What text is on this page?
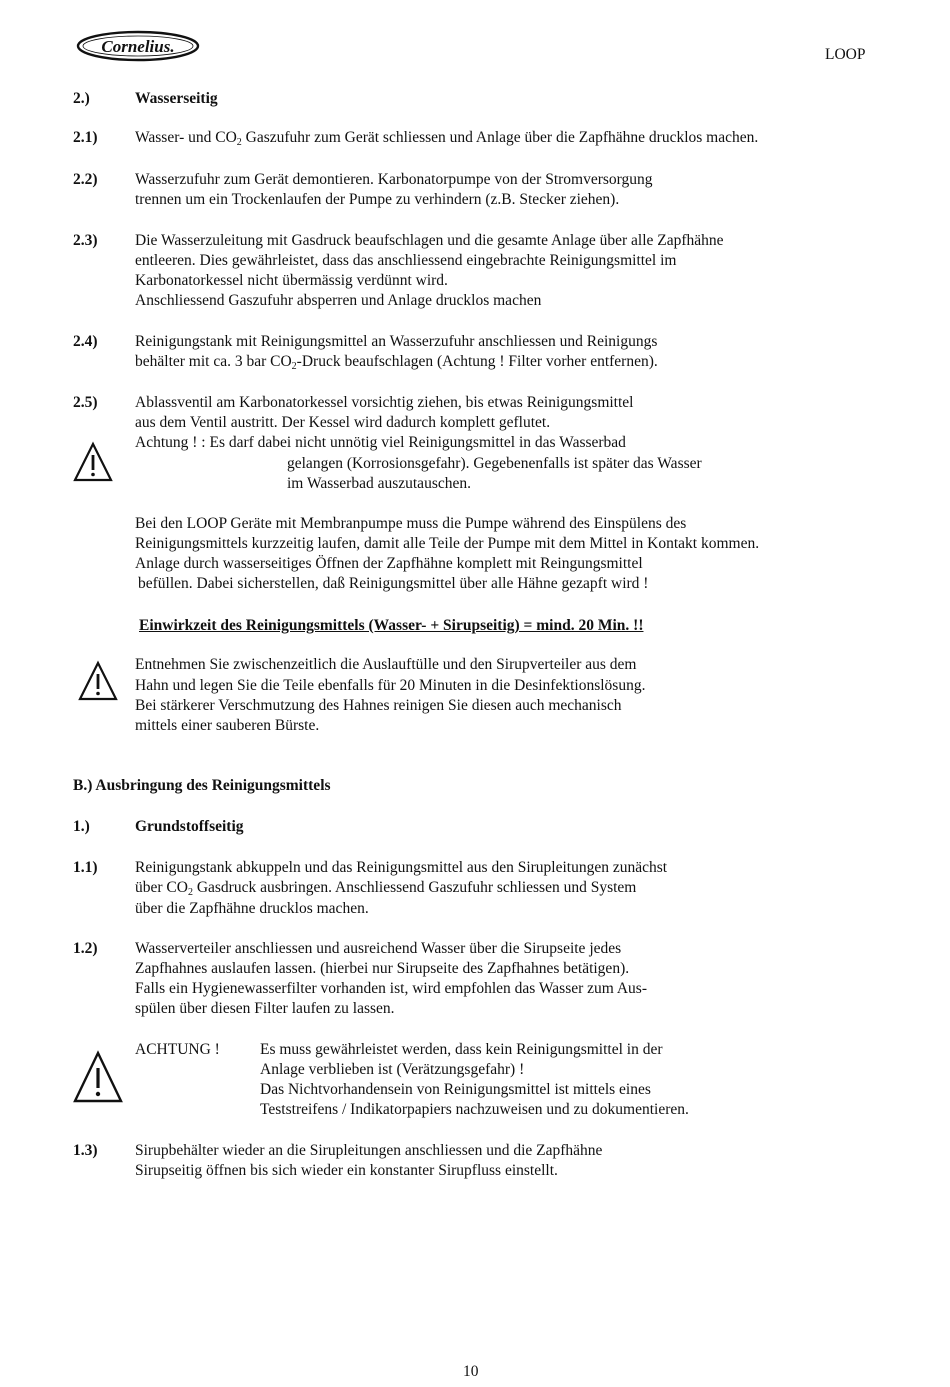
Cornelius.	LOOP
2.)	Wasserseitig
2.1) Wasser- und $CO_2$ Gaszufuhr zum Gerät schliessen und Anlage über die Zapfhähne drucklos machen.
2.2) Wasserzufuhr zum Gerät demontieren. Karbonatorpumpe von der Stromversorgung
trennen um ein Trockenlaufen der Pumpe zu verhindern (z.B. Stecker ziehen).
2.3) Die Wasserzuleitung mit Gasdruck beaufschlagen und die gesamte Anlage über alle Zapfhähne
entleeren. Dies gewährleistet, dass das anschliessend eingebrachte Reinigungsmittel im
Karbonatorkessel nicht übermässig verdünnt wird.
Anschliessend Gaszufuhr absperren und Anlage drucklos machen
2.4) Reinigungstank mit Reinigungsmittel an Wasserzufuhr anschliessen und Reinigungs
behälter mit ca. 3 bar $CO_2$-Druck beaufschlagen (Achtung ! Filter vorher entfernen).
2.5) Ablassventil am Karbonatorkessel vorsichtig ziehen, bis etwas Reinigungsmittel
aus dem Ventil austritt. Der Kessel wird dadurch komplett geflutet.
Achtung ! : Es darf dabei nicht unnötig viel Reinigungsmittel in das Wasserbad
gelangen (Korrosionsgefahr). Gegebenenfalls ist später das Wasser
im Wasserbad auszutauschen.
Bei den LOOP Geräte mit Membranpumpe muss die Pumpe während des Einspülens des
Reinigungsmittels kurzzeitig laufen, damit alle Teile der Pumpe mit dem Mittel in Kontakt kommen.
Anlage durch wasserseitiges Öffnen der Zapfhähne komplett mit Reingungsmittel
befüllen. Dabei sicherstellen, daß Reinigungsmittel über alle Hähne gezapft wird !
Einwirkzeit des Reinigungsmittels (Wasser- + Sirupseitig) = mind. 20 Min. !!
Entnehmen Sie zwischenzeitlich die Auslauftülle und den Sirupverteiler aus dem
Hahn und legen Sie die Teile ebenfalls für 20 Minuten in die Desinfektionslösung.
Bei stärkerer Verschmutzung des Hahnes reinigen Sie diesen auch mechanisch
mittels einer sauberen Bürste.
B.) Ausbringung des Reinigungsmittels
1.)	Grundstoffseitig
1.1) Reinigungstank abkuppeln und das Reinigungsmittel aus den Sirupleitungen zunächst
über $CO_2$ Gasdruck ausbringen. Anschliessend Gaszufuhr schliessen und System
über die Zapfhähne drucklos machen.
1.2) Wasserverteiler anschliessen und ausreichend Wasser über die Sirupseite jedes
Zapfhahnes auslaufen lassen. (hierbei nur Sirupseite des Zapfhahnes betätigen).
Falls ein Hygienewasserfilter vorhanden ist, wird empfohlen das Wasser zum Aus-
spülen über diesen Filter laufen zu lassen.
ACHTUNG !	Es muss gewährleistet werden, dass kein Reinigungsmittel in der
Anlage verblieben ist (Verätzungsgefahr) !
Das Nichtvorhandensein von Reinigungsmittel ist mittels eines
Teststreifens / Indikatorpapiers nachzuweisen und zu dokumentieren.
1.3) Sirupbehälter wieder an die Sirupleitungen anschliessen und die Zapfhähne
Sirupseitig öffnen bis sich wieder ein konstanter Sirupfluss einstellt.
10
